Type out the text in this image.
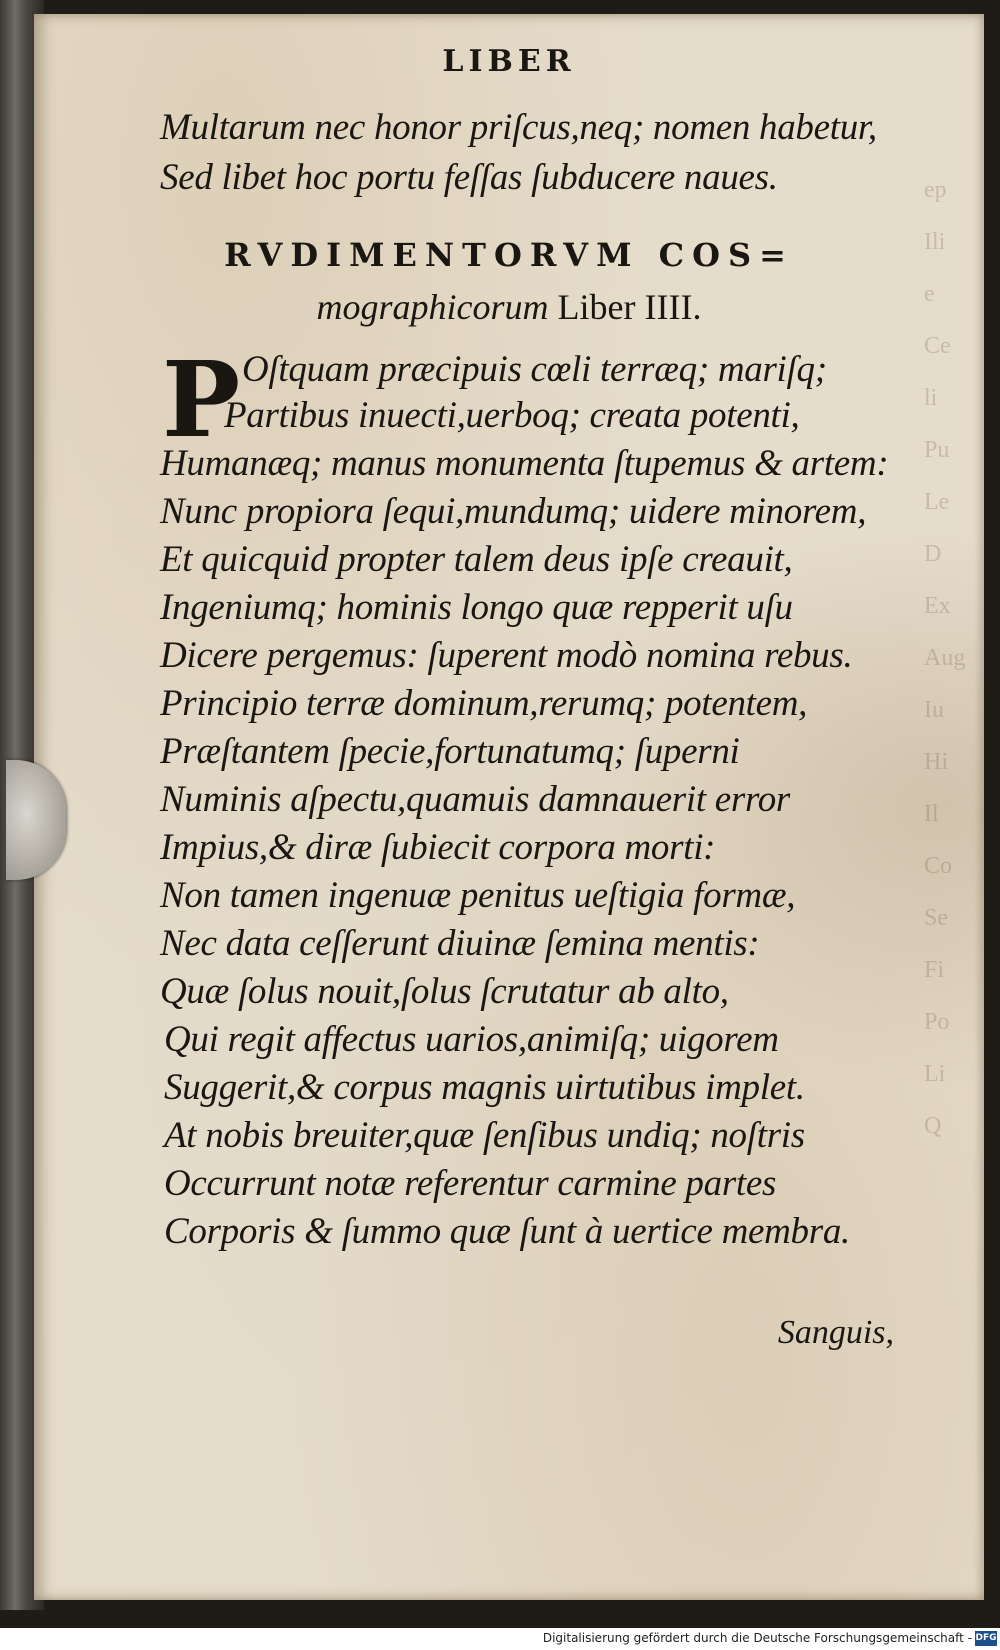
ep
Ili
e
Ce
li
Pu
Le
D
Ex
Aug
Iu
Hi
Il
Co
Se
Fi
Po
Li
Q
LIBER
Multarum nec honor priſcus,neq; nomen habetur,
Sed libet hoc portu feſſas ſubducere naues.
RVDIMENTORVM COS=
mographicorum Liber IIII.
P Oſtquam præcipuis cœli terræq; mariſq;
Partibus inuecti,uerboq; creata potenti,
Humanæq; manus monumenta ſtupemus & artem:
Nunc propiora ſequi,mundumq; uidere minorem,
Et quicquid propter talem deus ipſe creauit,
Ingeniumq; hominis longo quæ repperit uſu
Dicere pergemus: ſuperent modò nomina rebus.
Principio terræ dominum,rerumq; potentem,
Præſtantem ſpecie,fortunatumq; ſuperni
Numinis aſpectu,quamuis damnauerit error
Impius,& diræ ſubiecit corpora morti:
Non tamen ingenuæ penitus ueſtigia formæ,
Nec data ceſſerunt diuinæ ſemina mentis:
Quæ ſolus nouit,ſolus ſcrutatur ab alto,
Qui regit affectus uarios,animiſq; uigorem
Suggerit,& corpus magnis uirtutibus implet.
At nobis breuiter,quæ ſenſibus undiq; noſtris
Occurrunt notæ referentur carmine partes
Corporis & ſummo quæ ſunt à uertice membra.
Sanguis,
Digitalisierung gefördert durch die Deutsche Forschungsgemeinschaft - DFG
